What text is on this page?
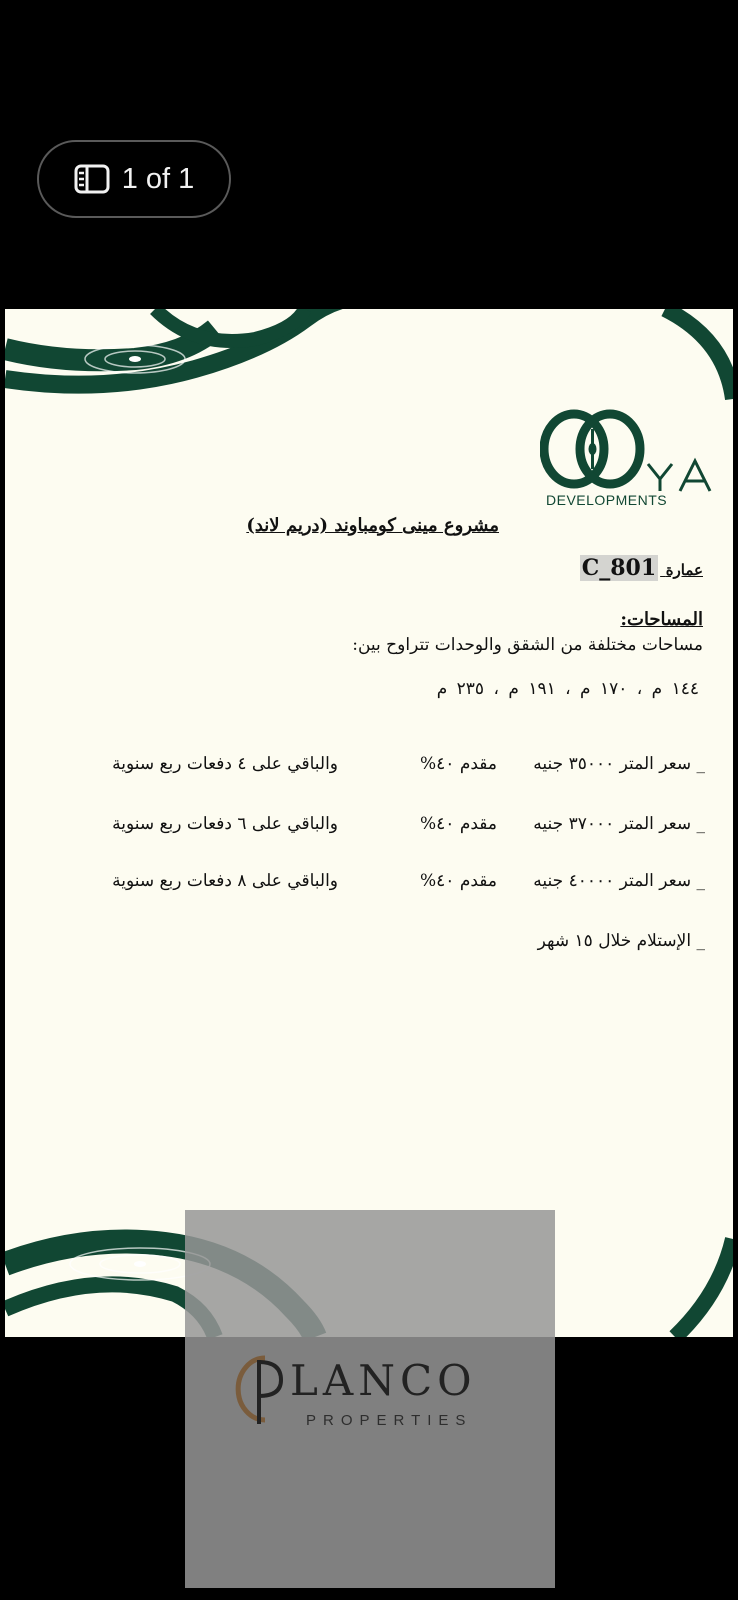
1 of 1
DEVELOPMENTS
مشروع مينى كومباوند (دريم لاند)
عمارة C_801
المساحات:
مساحات مختلفة من الشقق والوحدات تتراوح بين:
١٤٤ م ، ١٧٠ م ، ١٩١ م ، ٢٣٥ م
_ سعر المتر ٣٥٠٠٠ جنيه
مقدم ٤٠%
والباقي على ٤ دفعات ربع سنوية
_ سعر المتر ٣٧٠٠٠ جنيه
مقدم ٤٠%
والباقي على ٦ دفعات ربع سنوية
_ سعر المتر ٤٠٠٠٠ جنيه
مقدم ٤٠%
والباقي على ٨ دفعات ربع سنوية
_ الإستلام خلال ١٥ شهر
LANCO
PROPERTIES
